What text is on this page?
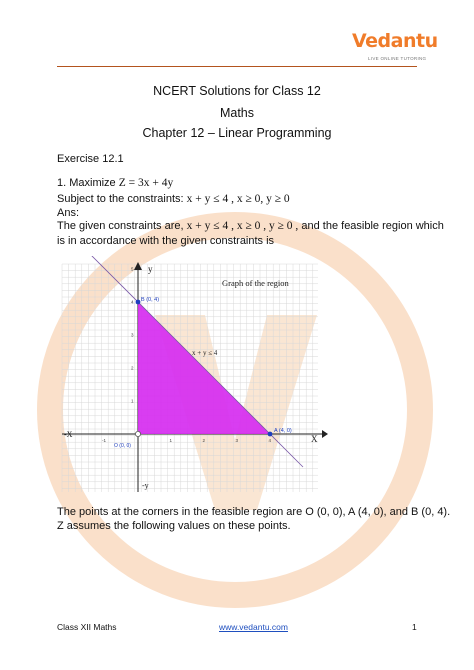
Vedantu
LIVE ONLINE TUTORING
NCERT Solutions for Class 12
Maths
Chapter 12 – Linear Programming
Exercise 12.1
1. Maximize Z = 3x + 4y
Subject to the constraints: x + y ≤ 4 , x ≥ 0, y ≥ 0
Ans:
The given constraints are, x + y ≤ 4 , x ≥ 0 , y ≥ 0 , and the feasible region which
is in accordance with the given constraints is
Graph of the region
x + y ≤ 4
y
-y
X
-X	A (4, 0)
B (0, 4)
O (0, 0)
-1	1	2	3	4
1
2
3
4
5
The points at the corners in the feasible region are O (0, 0), A (4, 0), and B (0, 4).
Z assumes the following values on these points.
Class XII Maths	www.vedantu.com	1
